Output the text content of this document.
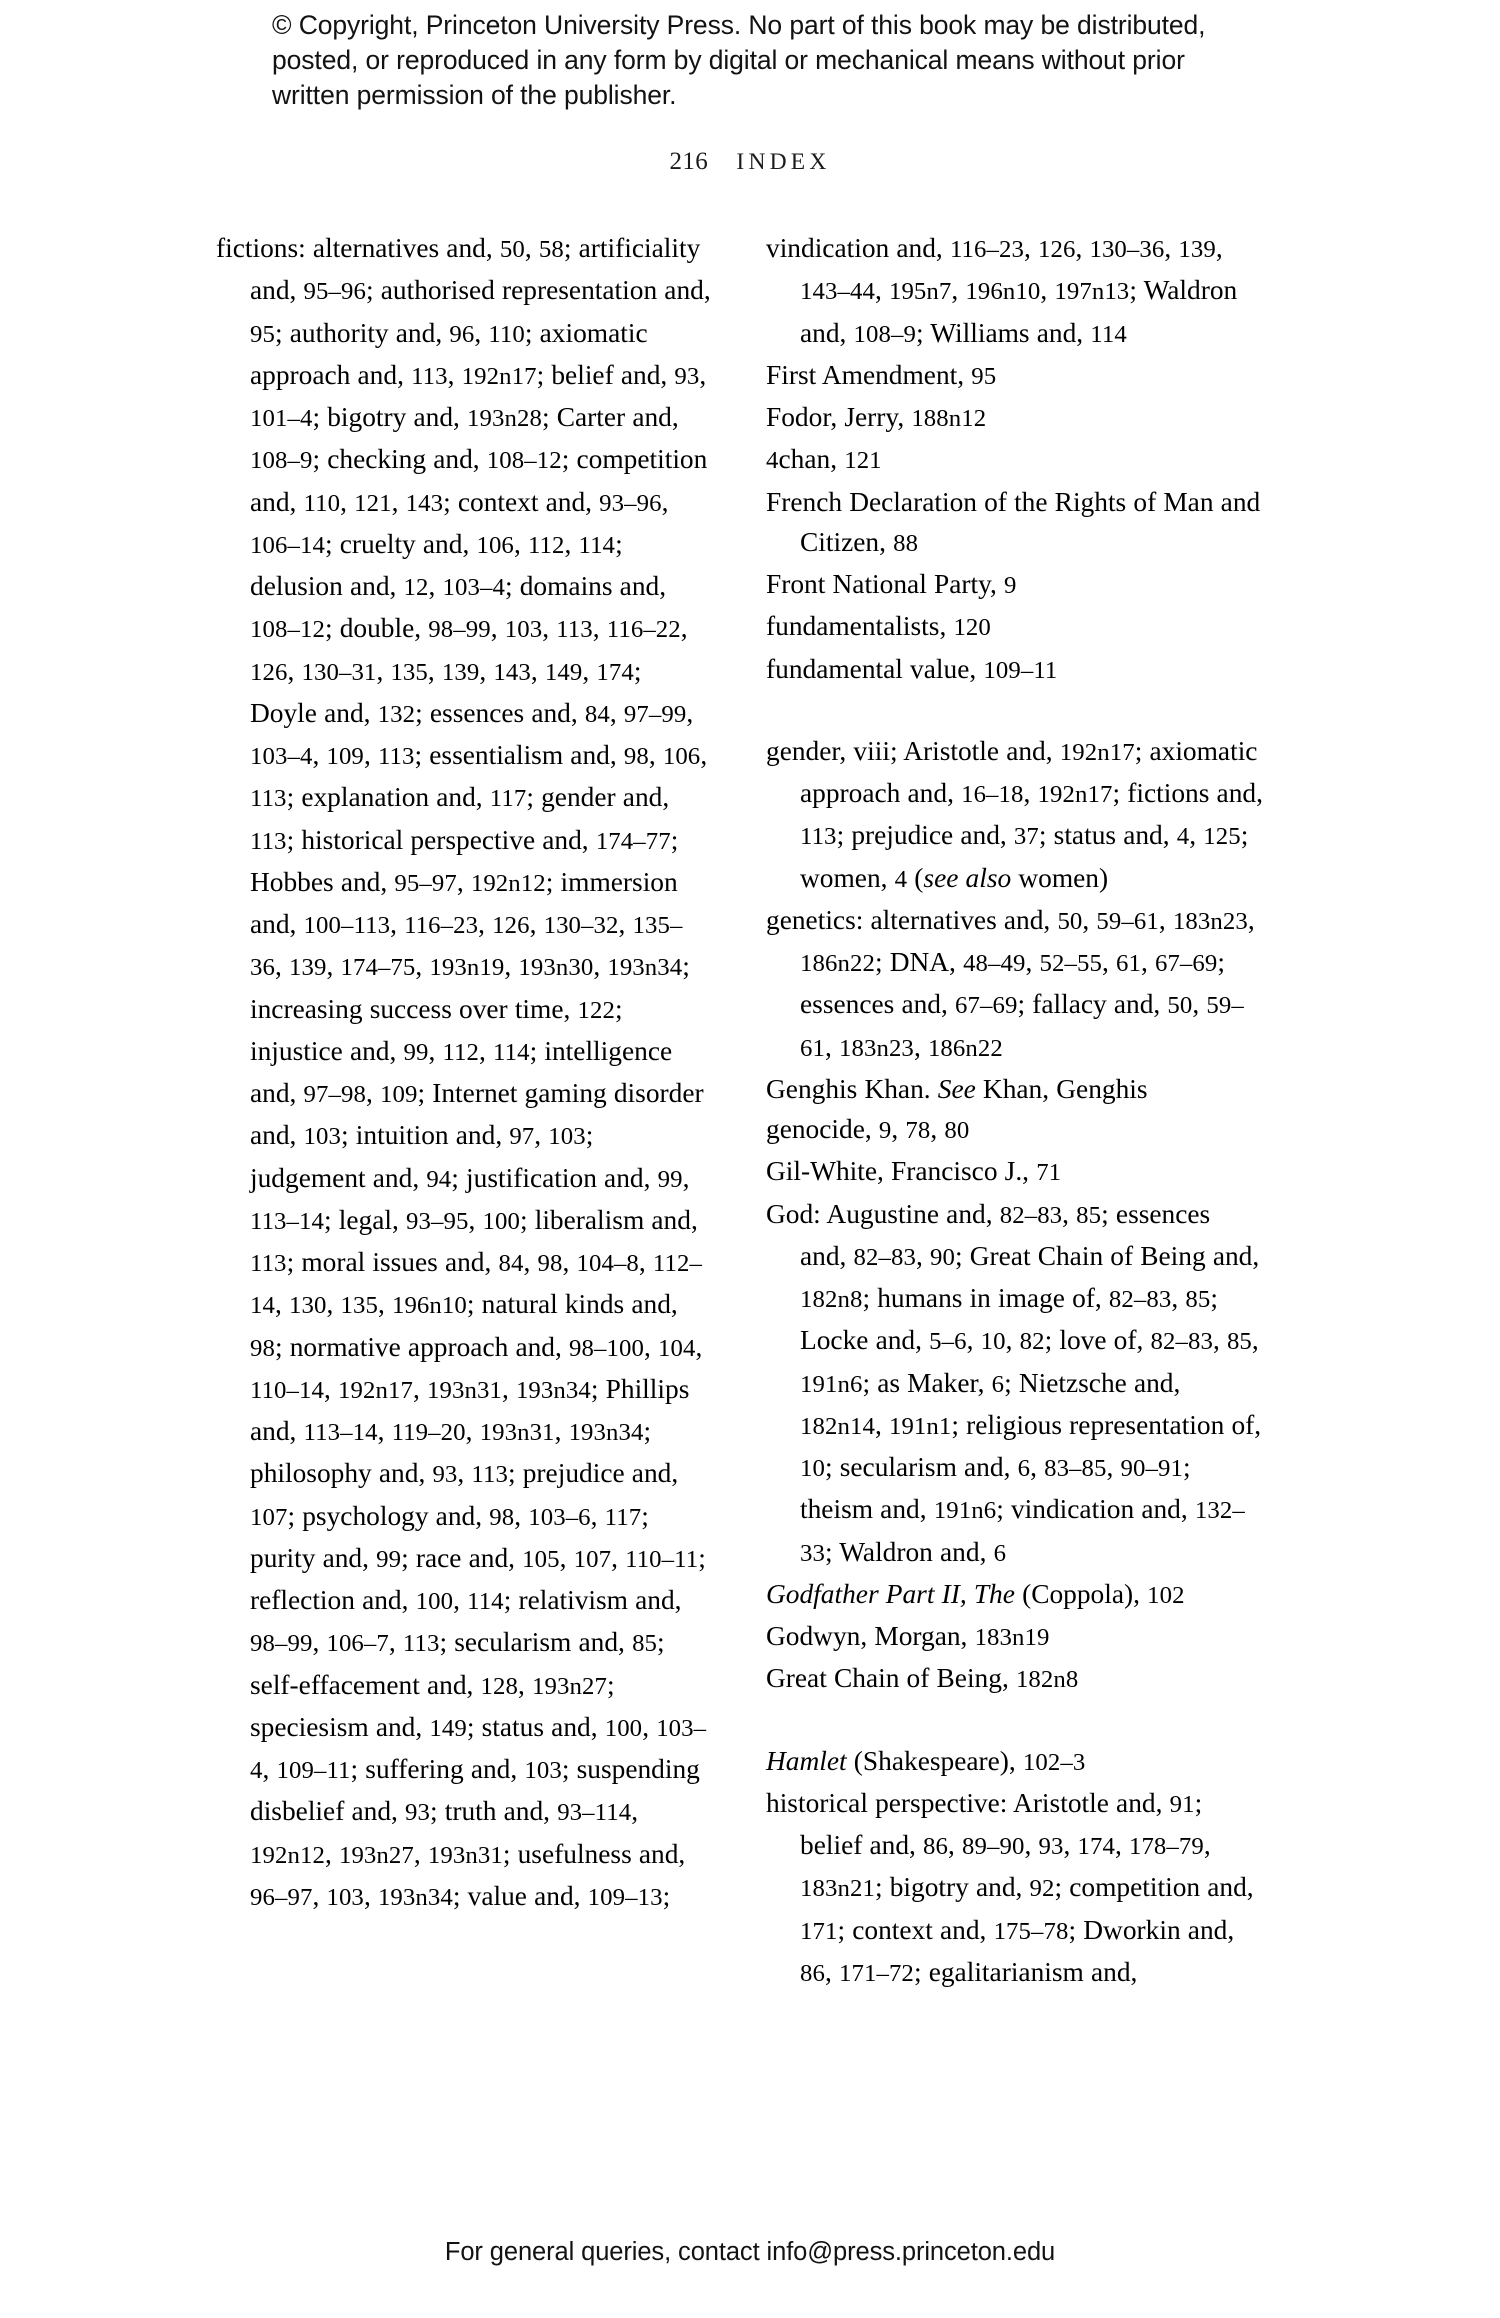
© Copyright, Princeton University Press. No part of this book may be distributed, posted, or reproduced in any form by digital or mechanical means without prior written permission of the publisher.
216 INDEX

fictions: alternatives and, 50, 58; artificiality and, 95–96; authorised representation and, 95; authority and, 96, 110; axiomatic approach and, 113, 192n17; belief and, 93, 101–4; bigotry and, 193n28; Carter and, 108–9; checking and, 108–12; competition and, 110, 121, 143; context and, 93–96, 106–14; cruelty and, 106, 112, 114; delusion and, 12, 103–4; domains and, 108–12; double, 98–99, 103, 113, 116–22, 126, 130–31, 135, 139, 143, 149, 174; Doyle and, 132; essences and, 84, 97–99, 103–4, 109, 113; essentialism and, 98, 106, 113; explanation and, 117; gender and, 113; historical perspective and, 174–77; Hobbes and, 95–97, 192n12; immersion and, 100–113, 116–23, 126, 130–32, 135–36, 139, 174–75, 193n19, 193n30, 193n34; increasing success over time, 122; injustice and, 99, 112, 114; intelligence and, 97–98, 109; Internet gaming disorder and, 103; intuition and, 97, 103; judgement and, 94; justification and, 99, 113–14; legal, 93–95, 100; liberalism and, 113; moral issues and, 84, 98, 104–8, 112–14, 130, 135, 196n10; natural kinds and, 98; normative approach and, 98–100, 104, 110–14, 192n17, 193n31, 193n34; Phillips and, 113–14, 119–20, 193n31, 193n34; philosophy and, 93, 113; prejudice and, 107; psychology and, 98, 103–6, 117; purity and, 99; race and, 105, 107, 110–11; reflection and, 100, 114; relativism and, 98–99, 106–7, 113; secularism and, 85; self-effacement and, 128, 193n27; speciesism and, 149; status and, 100, 103–4, 109–11; suffering and, 103; suspending disbelief and, 93; truth and, 93–114, 192n12, 193n27, 193n31; usefulness and, 96–97, 103, 193n34; value and, 109–13;

vindication and, 116–23, 126, 130–36, 139, 143–44, 195n7, 196n10, 197n13; Waldron and, 108–9; Williams and, 114

First Amendment, 95

Fodor, Jerry, 188n12

4chan, 121

French Declaration of the Rights of Man and Citizen, 88

Front National Party, 9

fundamentalists, 120

fundamental value, 109–11

gender, viii; Aristotle and, 192n17; axiomatic approach and, 16–18, 192n17; fictions and, 113; prejudice and, 37; status and, 4, 125; women, 4 (see also women)

genetics: alternatives and, 50, 59–61, 183n23, 186n22; DNA, 48–49, 52–55, 61, 67–69; essences and, 67–69; fallacy and, 50, 59–61, 183n23, 186n22

Genghis Khan. See Khan, Genghis

genocide, 9, 78, 80

Gil-White, Francisco J., 71

God: Augustine and, 82–83, 85; essences and, 82–83, 90; Great Chain of Being and, 182n8; humans in image of, 82–83, 85; Locke and, 5–6, 10, 82; love of, 82–83, 85, 191n6; as Maker, 6; Nietzsche and, 182n14, 191n1; religious representation of, 10; secularism and, 6, 83–85, 90–91; theism and, 191n6; vindication and, 132–33; Waldron and, 6

Godfather Part II, The (Coppola), 102

Godwyn, Morgan, 183n19

Great Chain of Being, 182n8

Hamlet (Shakespeare), 102–3

historical perspective: Aristotle and, 91; belief and, 86, 89–90, 93, 174, 178–79, 183n21; bigotry and, 92; competition and, 171; context and, 175–78; Dworkin and, 86, 171–72; egalitarianism and,

For general queries, contact info@press.princeton.edu
